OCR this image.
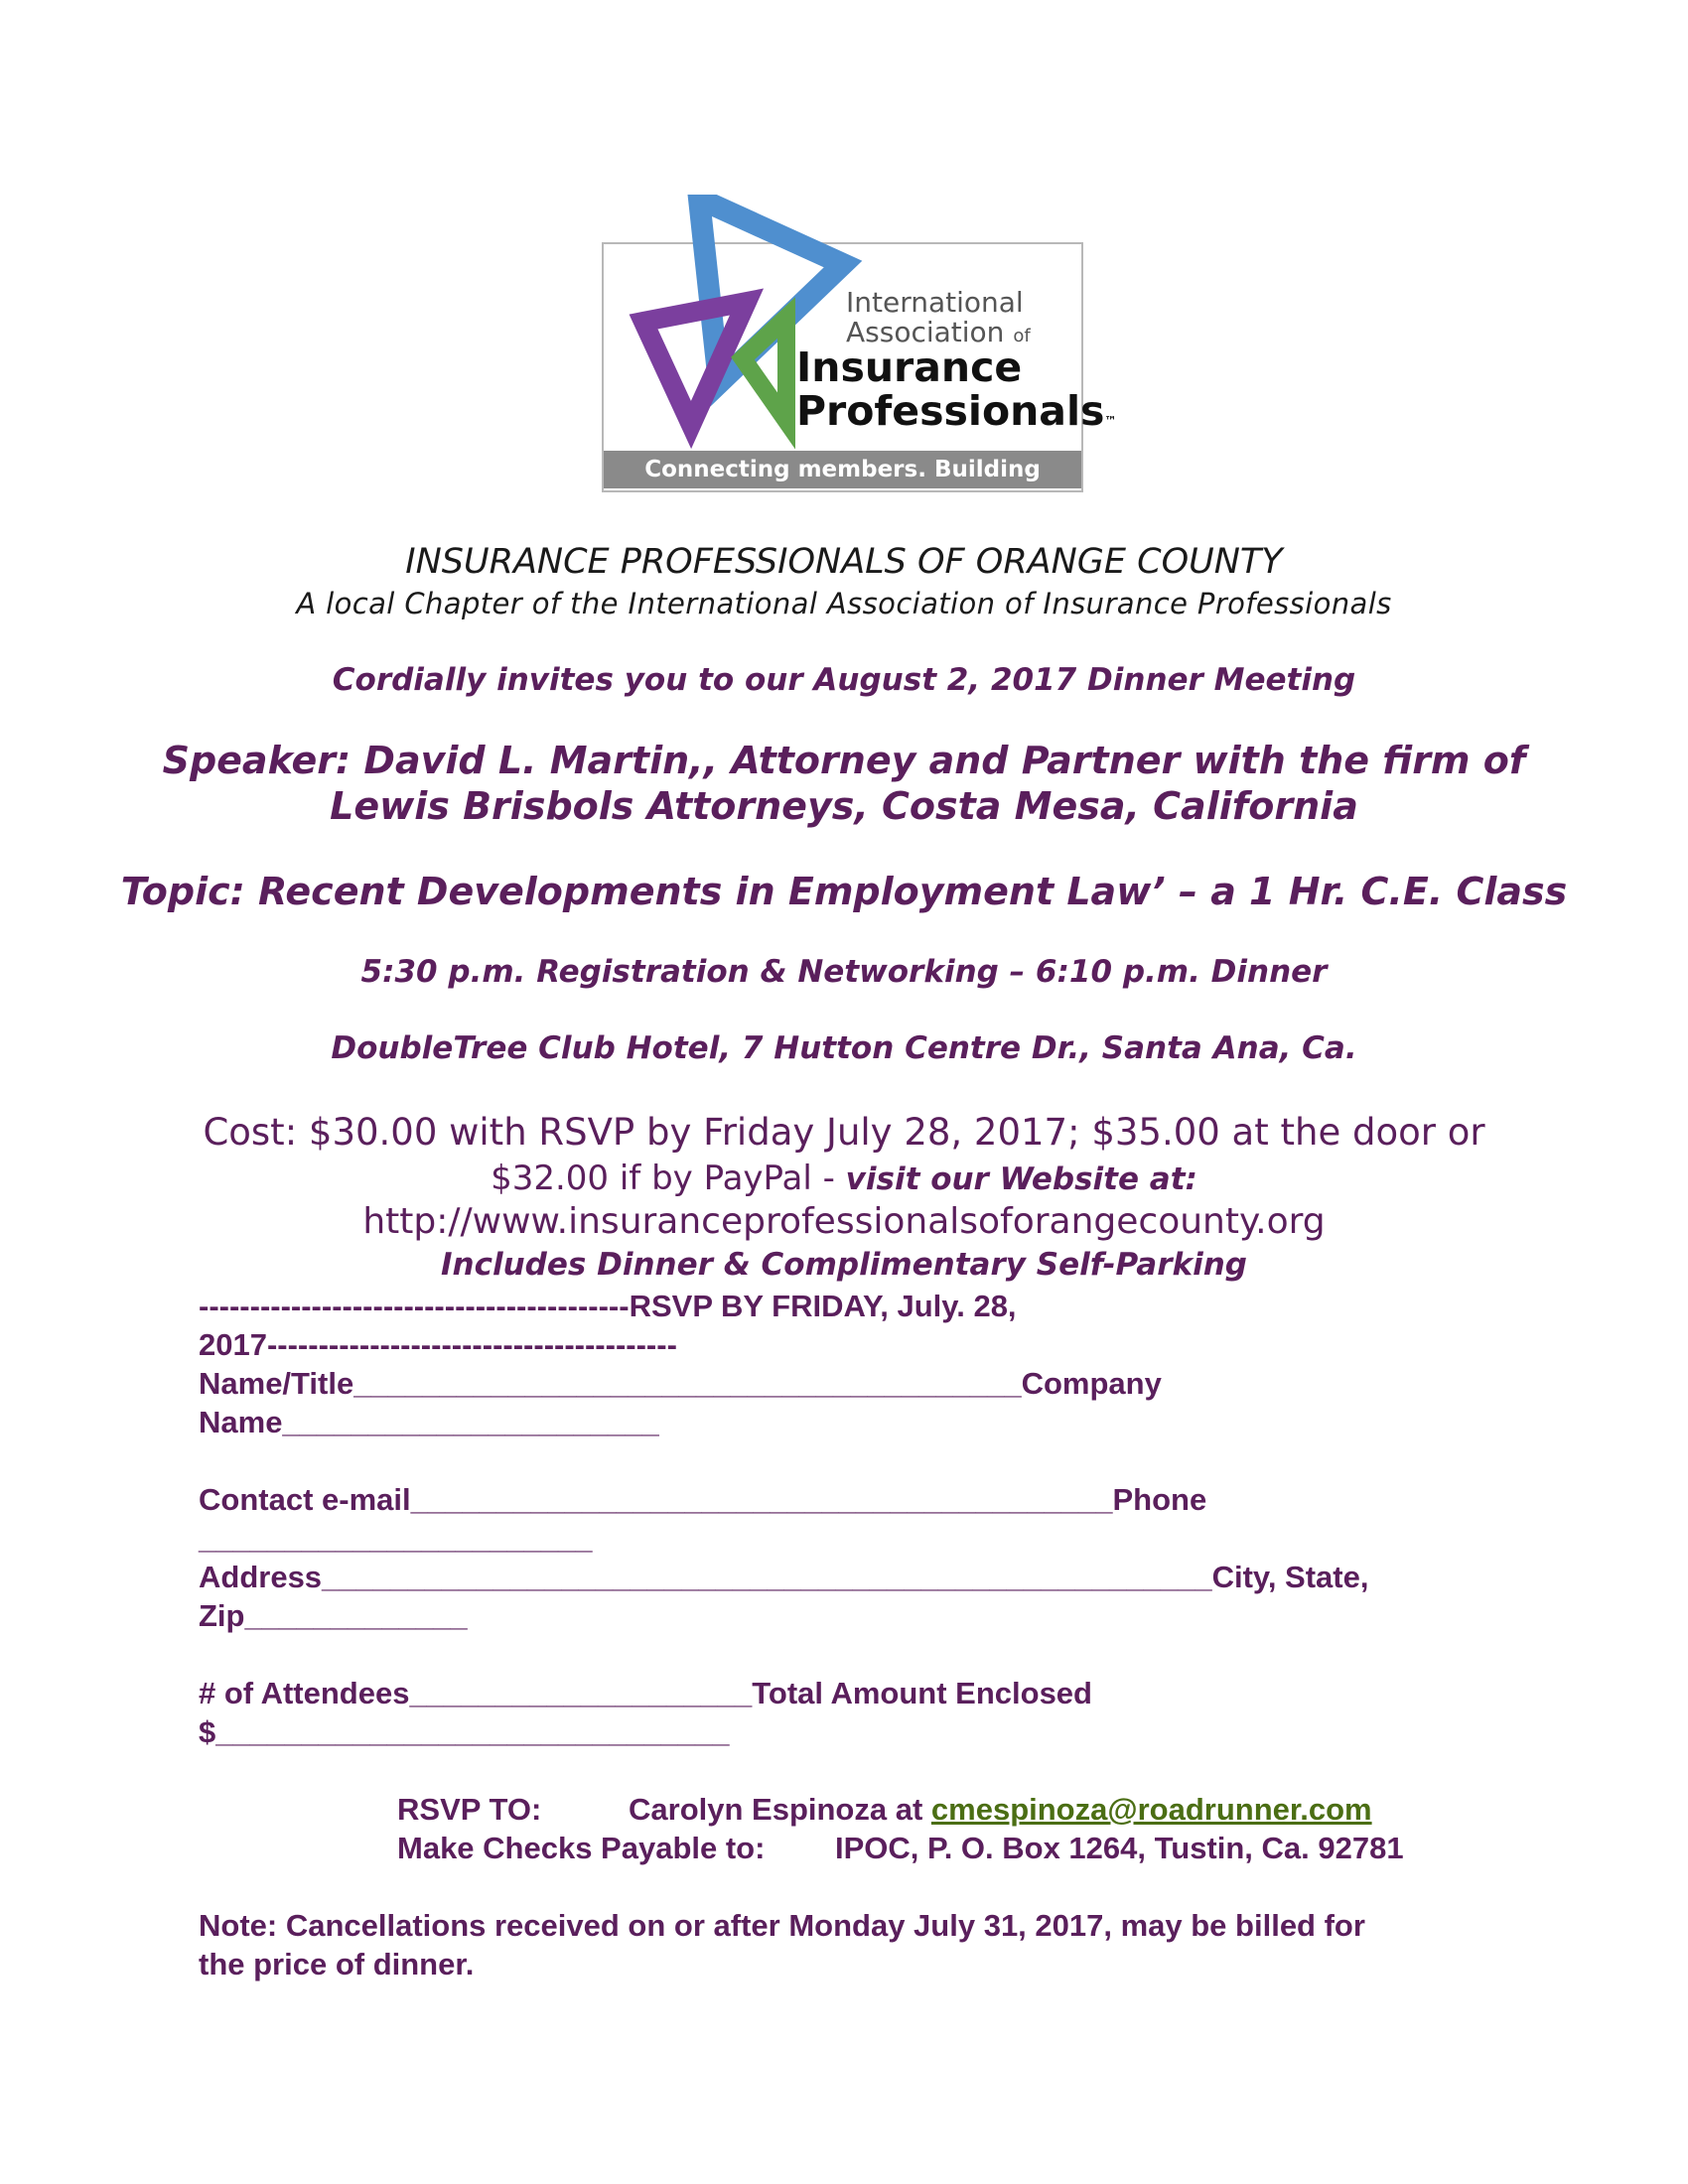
International
Association of
Insurance
Professionals™
Connecting members. Building careers.
INSURANCE PROFESSIONALS OF ORANGE COUNTY
A local Chapter of the International Association of Insurance Professionals
Cordially invites you to our August 2, 2017 Dinner Meeting
Speaker: David L. Martin,, Attorney and Partner with the firm of
Lewis Brisbols Attorneys, Costa Mesa, California
Topic: Recent Developments in Employment Law’ – a 1 Hr. C.E. Class
5:30 p.m. Registration & Networking – 6:10 p.m. Dinner
DoubleTree Club Hotel, 7 Hutton Centre Dr., Santa Ana, Ca.
Cost: $30.00 with RSVP by Friday July 28, 2017; $35.00 at the door or
$32.00 if by PayPal - visit our Website at:
http://www.insuranceprofessionalsoforangecounty.org
Includes Dinner & Complimentary Self-Parking
------------------------------------------RSVP BY FRIDAY, July. 28,
2017----------------------------------------
Name/Title_______________________________________Company
Name______________________
Contact e-mail_________________________________________Phone
_______________________
Address____________________________________________________City, State,
Zip_____________
# of Attendees____________________Total Amount Enclosed
$______________________________
RSVP TO:	Carolyn Espinoza at cmespinoza@roadrunner.com
Make Checks Payable to: IPOC, P. O. Box 1264, Tustin, Ca. 92781
Note: Cancellations received on or after Monday July 31, 2017, may be billed for
the price of dinner.
